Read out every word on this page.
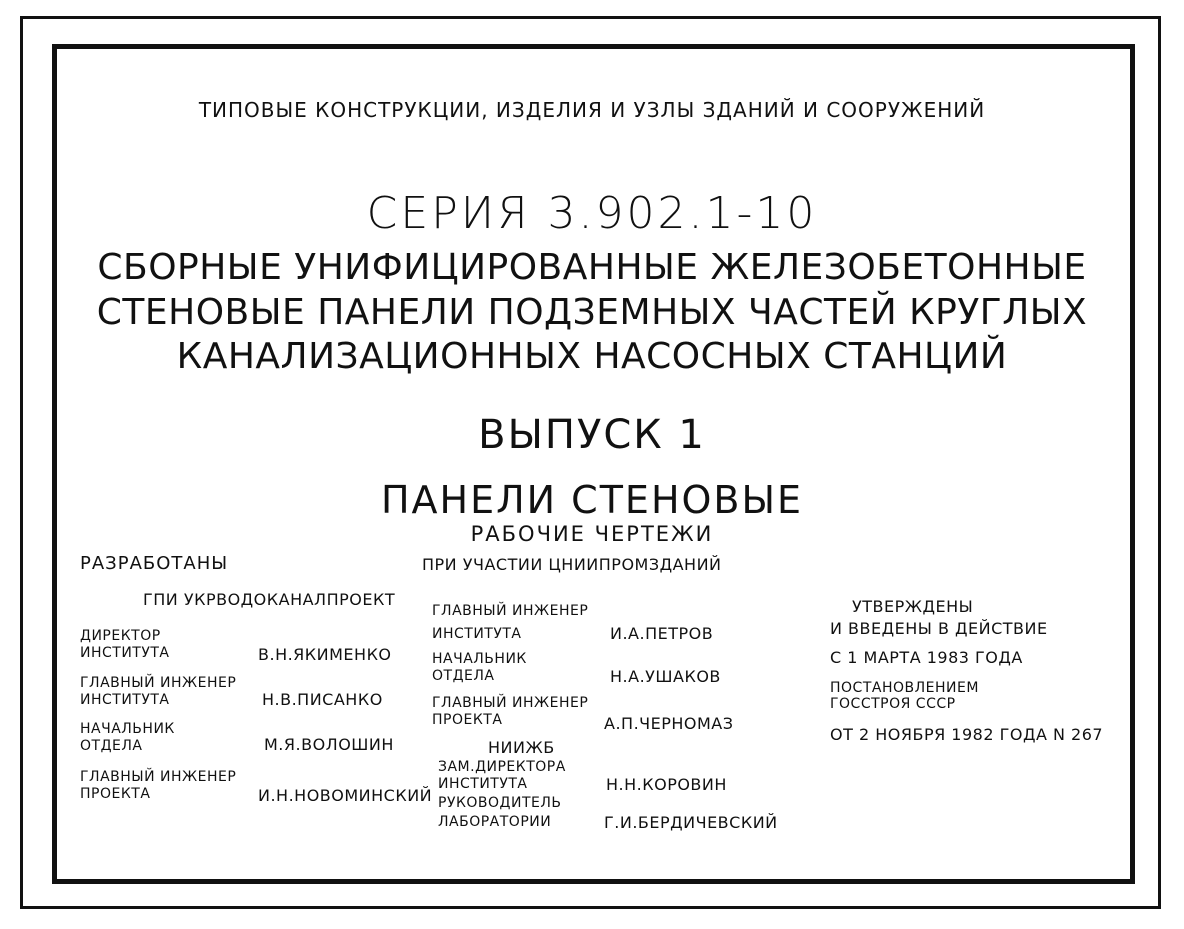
ТИПОВЫЕ КОНСТРУКЦИИ, ИЗДЕЛИЯ И УЗЛЫ ЗДАНИЙ И СООРУЖЕНИЙ
СЕРИЯ 3.902.1-10
СБОРНЫЕ УНИФИЦИРОВАННЫЕ ЖЕЛЕЗОБЕТОННЫЕ
СТЕНОВЫЕ ПАНЕЛИ ПОДЗЕМНЫХ ЧАСТЕЙ КРУГЛЫХ
КАНАЛИЗАЦИОННЫХ НАСОСНЫХ СТАНЦИЙ
ВЫПУСК 1
ПАНЕЛИ СТЕНОВЫЕ
РАБОЧИЕ ЧЕРТЕЖИ
РАЗРАБОТАНЫ
ГПИ УКРВОДОКАНАЛПРОЕКТ
ДИРЕКТОР
ИНСТИТУТА	В.Н.ЯКИМЕНКО
ГЛАВНЫЙ ИНЖЕНЕР
ИНСТИТУТА	Н.В.ПИСАНКО
НАЧАЛЬНИК
ОТДЕЛА	М.Я.ВОЛОШИН
ГЛАВНЫЙ ИНЖЕНЕР
ПРОЕКТА	И.Н.НОВОМИНСКИЙ
ПРИ УЧАСТИИ ЦНИИПРОМЗДАНИЙ
ГЛАВНЫЙ ИНЖЕНЕР
ИНСТИТУТА	И.А.ПЕТРОВ
НАЧАЛЬНИК
ОТДЕЛА	Н.А.УШАКОВ
ГЛАВНЫЙ ИНЖЕНЕР
ПРОЕКТА	А.П.ЧЕРНОМАЗ
НИИЖБ
ЗАМ.ДИРЕКТОРА
ИНСТИТУТА	Н.Н.КОРОВИН
РУКОВОДИТЕЛЬ
ЛАБОРАТОРИИ	Г.И.БЕРДИЧЕВСКИЙ
УТВЕРЖДЕНЫ
И ВВЕДЕНЫ В ДЕЙСТВИЕ
С 1 МАРТА 1983 ГОДА
ПОСТАНОВЛЕНИЕМ
ГОССТРОЯ СССР
ОТ 2 НОЯБРЯ 1982 ГОДА N 267
